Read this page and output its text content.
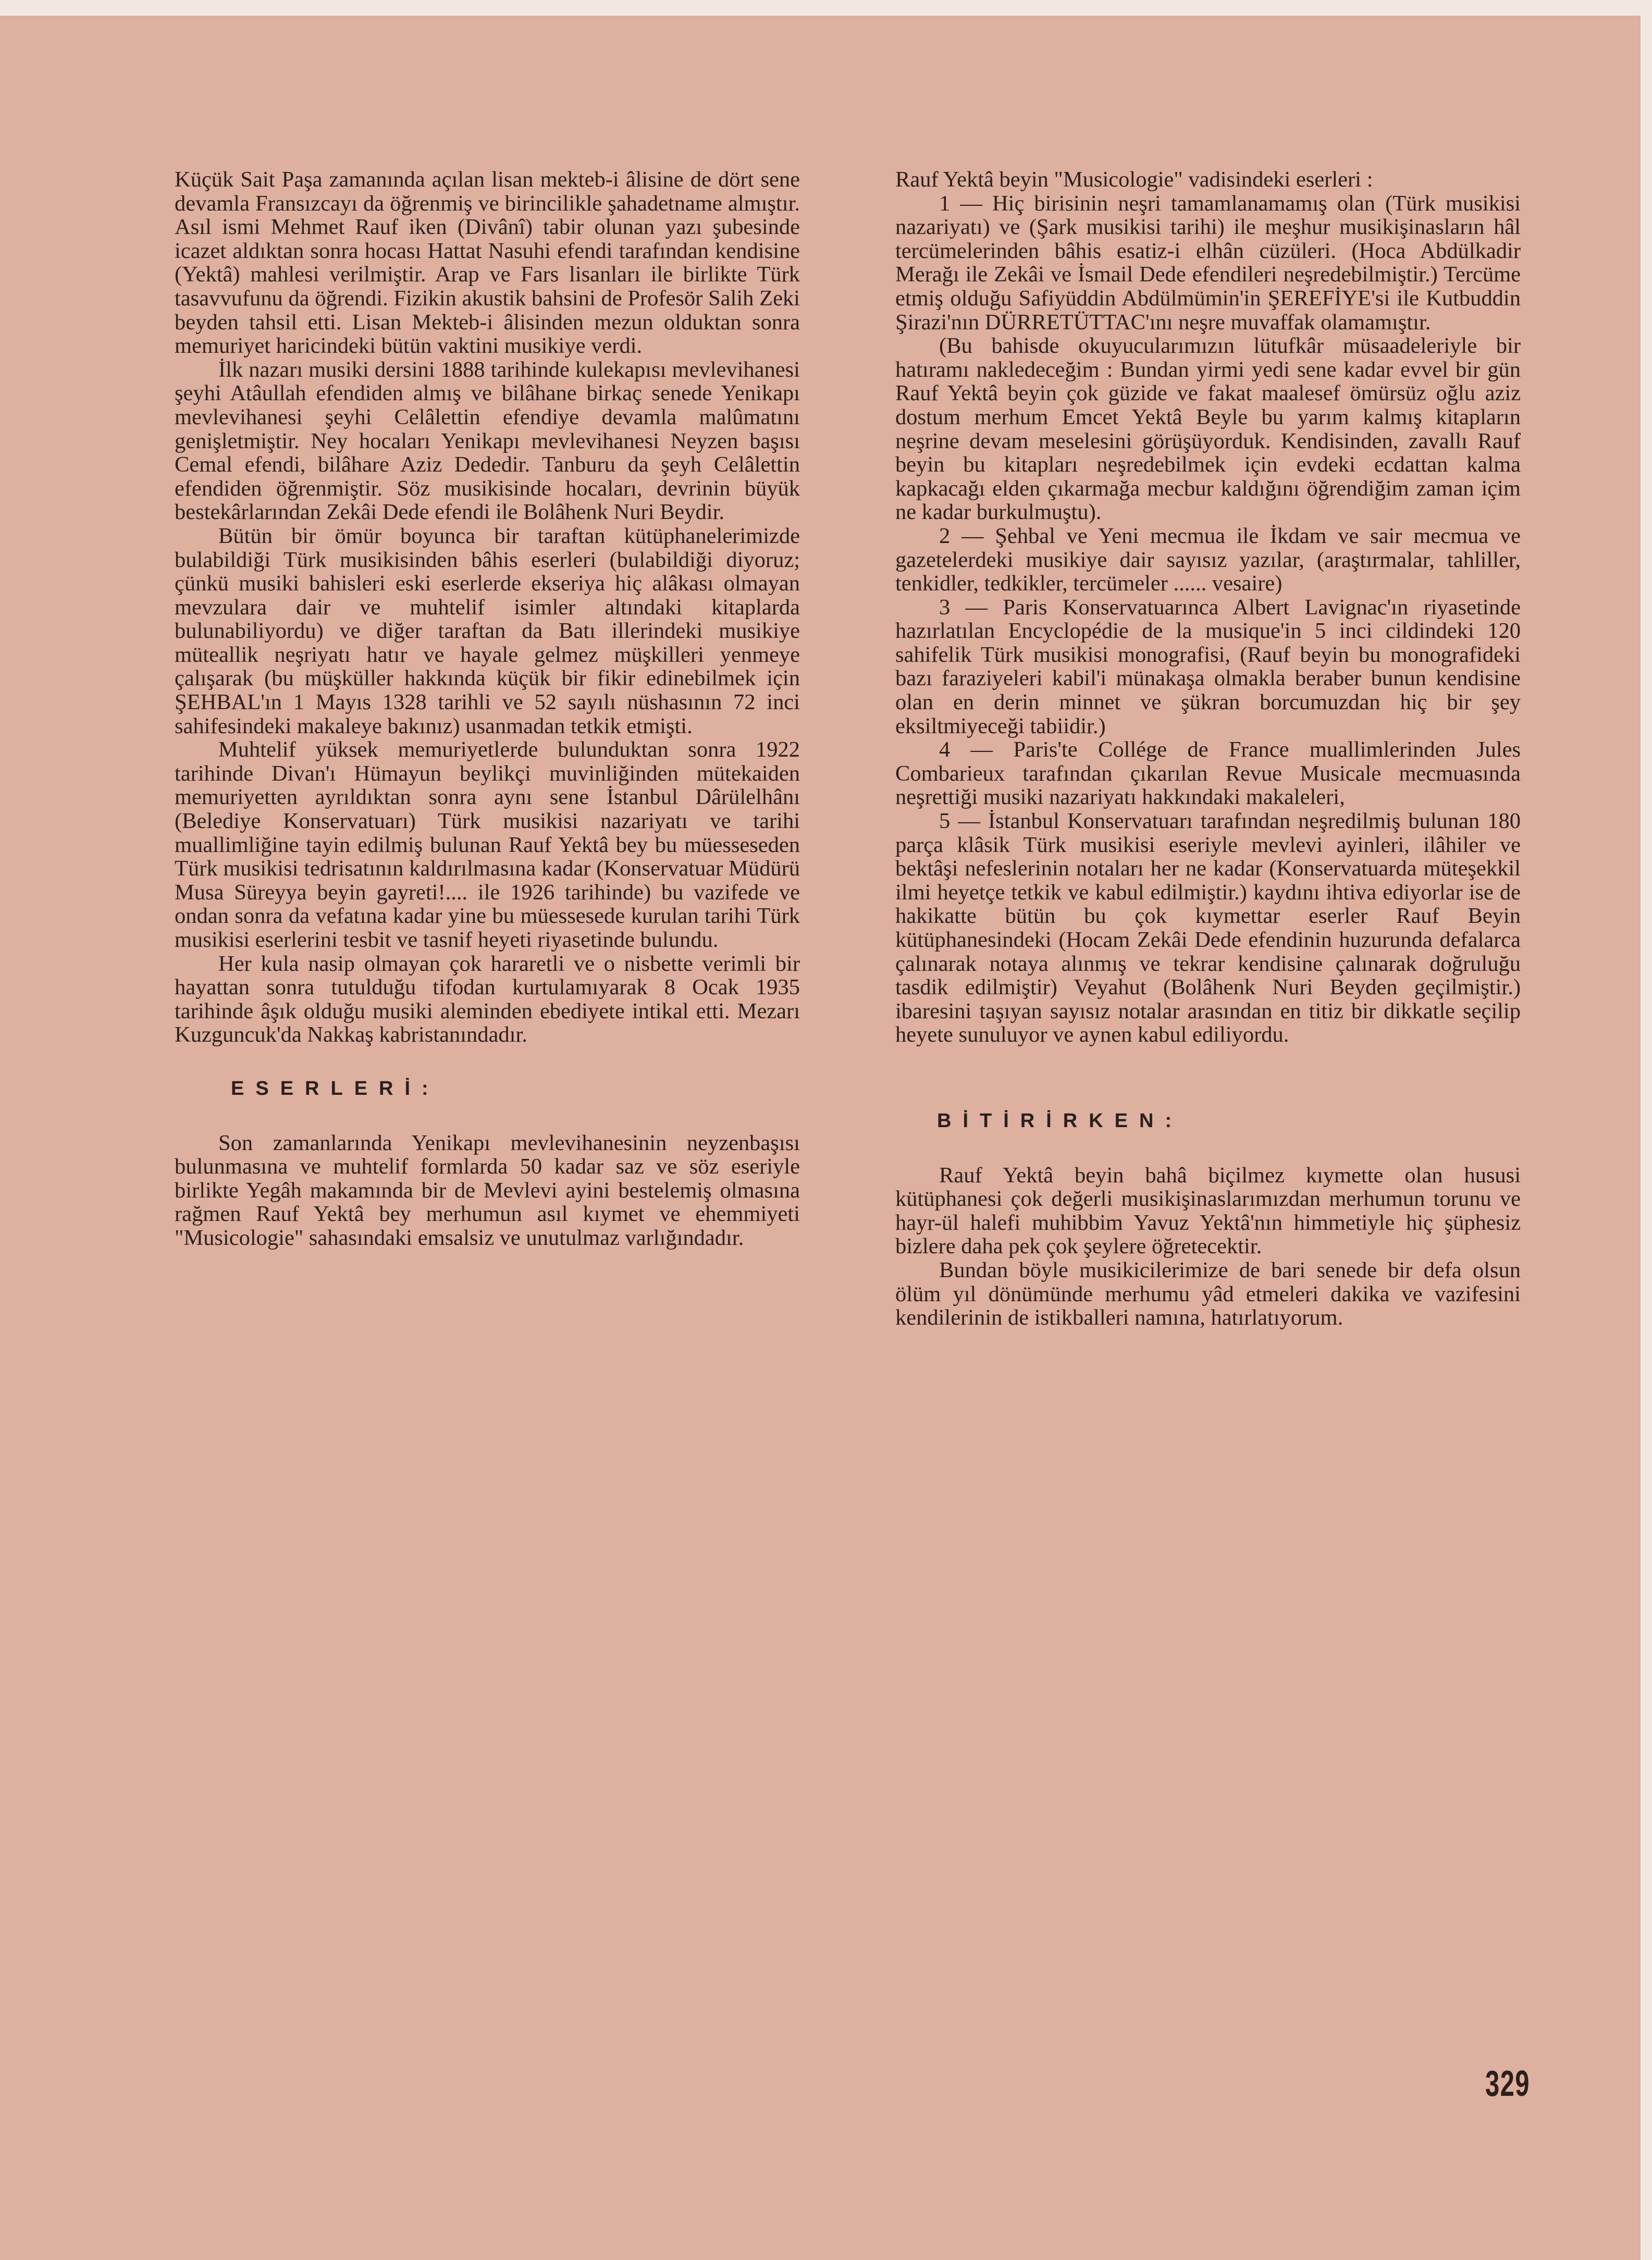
Küçük Sait Paşa zamanında açılan lisan mekteb-i âlisine de dört sene devamla Fransızcayı da öğrenmiş ve birincilikle şahadetname almıştır. Asıl ismi Mehmet Rauf iken (Divânî) tabir olunan yazı şubesinde icazet aldıktan sonra hocası Hattat Nasuhi efendi tarafından kendisine (Yektâ) mahlesi verilmiştir. Arap ve Fars lisanları ile birlikte Türk tasavvufunu da öğrendi. Fizikin akustik bahsini de Profesör Salih Zeki beyden tahsil etti. Lisan Mekteb-i âlisinden mezun olduktan sonra memuriyet haricindeki bütün vaktini musikiye verdi.

İlk nazarı musiki dersini 1888 tarihinde kulekapısı mevlevihanesi şeyhi Atâullah efendiden almış ve bilâhane birkaç senede Yenikapı mevlevihanesi şeyhi Celâlettin efendiye devamla malûmatını genişletmiştir. Ney hocaları Yenikapı mevlevihanesi Neyzen başısı Cemal efendi, bilâhare Aziz Dededir. Tanburu da şeyh Celâlettin efendiden öğrenmiştir. Söz musikisinde hocaları, devrinin büyük bestekârlarından Zekâi Dede efendi ile Bolâhenk Nuri Beydir.

Bütün bir ömür boyunca bir taraftan kütüphanelerimizde bulabildiği Türk musikisinden bâhis eserleri (bulabildiği diyoruz; çünkü musiki bahisleri eski eserlerde ekseriya hiç alâkası olmayan mevzulara dair ve muhtelif isimler altındaki kitaplarda bulunabiliyordu) ve diğer taraftan da Batı illerindeki musikiye müteallik neşriyatı hatır ve hayale gelmez müşkilleri yenmeye çalışarak (bu müşküller hakkında küçük bir fikir edinebilmek için ŞEHBAL'ın 1 Mayıs 1328 tarihli ve 52 sayılı nüshasının 72 inci sahifesindeki makaleye bakınız) usanmadan tetkik etmişti.

Muhtelif yüksek memuriyetlerde bulunduktan sonra 1922 tarihinde Divan'ı Hümayun beylikçi muvinliğinden mütekaiden memuriyetten ayrıldıktan sonra aynı sene İstanbul Dârülelhânı (Belediye Konservatuarı) Türk musikisi nazariyatı ve tarihi muallimliğine tayin edilmiş bulunan Rauf Yektâ bey bu müesseseden Türk musikisi tedrisatının kaldırılmasına kadar (Konservatuar Müdürü Musa Süreyya beyin gayreti!.... ile 1926 tarihinde) bu vazifede ve ondan sonra da vefatına kadar yine bu müessesede kurulan tarihi Türk musikisi eserlerini tesbit ve tasnif heyeti riyasetinde bulundu.

Her kula nasip olmayan çok hararetli ve o nisbette verimli bir hayattan sonra tutulduğu tifodan kurtulamıyarak 8 Ocak 1935 tarihinde âşık olduğu musiki aleminden ebediyete intikal etti. Mezarı Kuzguncuk'da Nakkaş kabristanındadır.

ESERLERİ:

Son zamanlarında Yenikapı mevlevihanesinin neyzenbaşısı bulunmasına ve muhtelif formlarda 50 kadar saz ve söz eseriyle birlikte Yegâh makamında bir de Mevlevi ayini bestelemiş olmasına rağmen Rauf Yektâ bey merhumun asıl kıymet ve ehemmiyeti "Musicologie" sahasındaki emsalsiz ve unutulmaz varlığındadır.

Rauf Yektâ beyin "Musicologie" vadisindeki eserleri :

1 — Hiç birisinin neşri tamamlanamamış olan (Türk musikisi nazariyatı) ve (Şark musikisi tarihi) ile meşhur musikişinasların hâl tercümelerinden bâhis esatiz-i elhân cüzüleri. (Hoca Abdülkadir Merağı ile Zekâi ve İsmail Dede efendileri neşredebilmiştir.) Tercüme etmiş olduğu Safiyüddin Abdülmümin'in ŞEREFİYE'si ile Kutbuddin Şirazi'nın DÜRRETÜTTAC'ını neşre muvaffak olamamıştır.

(Bu bahisde okuyucularımızın lütufkâr müsaadeleriyle bir hatıramı nakledeceğim : Bundan yirmi yedi sene kadar evvel bir gün Rauf Yektâ beyin çok güzide ve fakat maalesef ömürsüz oğlu aziz dostum merhum Emcet Yektâ Beyle bu yarım kalmış kitapların neşrine devam meselesini görüşüyorduk. Kendisinden, zavallı Rauf beyin bu kitapları neşredebilmek için evdeki ecdattan kalma kapkacağı elden çıkarmağa mecbur kaldığını öğrendiğim zaman içim ne kadar burkulmuştu).

2 — Şehbal ve Yeni mecmua ile İkdam ve sair mecmua ve gazetelerdeki musikiye dair sayısız yazılar, (araştırmalar, tahliller, tenkidler, tedkikler, tercümeler ...... vesaire)

3 — Paris Konservatuarınca Albert Lavignac'ın riyasetinde hazırlatılan Encyclopédie de la musique'in 5 inci cildindeki 120 sahifelik Türk musikisi monografisi, (Rauf beyin bu monografideki bazı faraziyeleri kabil'i münakaşa olmakla beraber bunun kendisine olan en derin minnet ve şükran borcumuzdan hiç bir şey eksiltmiyeceği tabiidir.)

4 — Paris'te Collége de France muallimlerinden Jules Combarieux tarafından çıkarılan Revue Musicale mecmuasında neşrettiği musiki nazariyatı hakkındaki makaleleri,

5 — İstanbul Konservatuarı tarafından neşredilmiş bulunan 180 parça klâsik Türk musikisi eseriyle mevlevi ayinleri, ilâhiler ve bektâşi nefeslerinin notaları her ne kadar (Konservatuarda müteşekkil ilmi heyetçe tetkik ve kabul edilmiştir.) kaydını ihtiva ediyorlar ise de hakikatte bütün bu çok kıymettar eserler Rauf Beyin kütüphanesindeki (Hocam Zekâi Dede efendinin huzurunda defalarca çalınarak notaya alınmış ve tekrar kendisine çalınarak doğruluğu tasdik edilmiştir) Veyahut (Bolâhenk Nuri Beyden geçilmiştir.) ibaresini taşıyan sayısız notalar arasından en titiz bir dikkatle seçilip heyete sunuluyor ve aynen kabul ediliyordu.

BİTİRİRKEN:

Rauf Yektâ beyin bahâ biçilmez kıymette olan hususi kütüphanesi çok değerli musikişinaslarımızdan merhumun torunu ve hayr-ül halefi muhibbim Yavuz Yektâ'nın himmetiyle hiç şüphesiz bizlere daha pek çok şeylere öğretecektir.

Bundan böyle musikicilerimize de bari senede bir defa olsun ölüm yıl dönümünde merhumu yâd etmeleri dakika ve vazifesini kendilerinin de istikballeri namına, hatırlatıyorum.

329
